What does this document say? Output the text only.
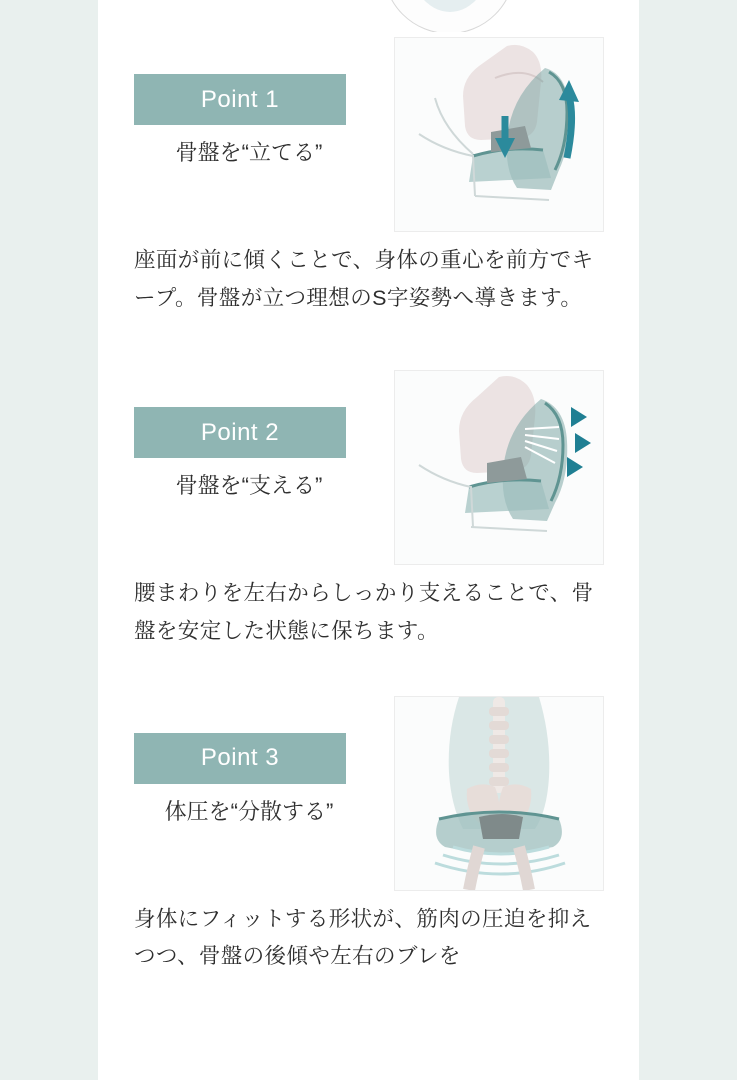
Point 1
骨盤を“立てる”
座面が前に傾くことで、身体の重心を前方でキープ。骨盤が立つ理想のS字姿勢へ導きます。
Point 2
骨盤を“支える”
腰まわりを左右からしっかり支えることで、骨盤を安定した状態に保ちます。
Point 3
体圧を“分散する”
身体にフィットする形状が、筋肉の圧迫を抑えつつ、骨盤の後傾や左右のブレを
